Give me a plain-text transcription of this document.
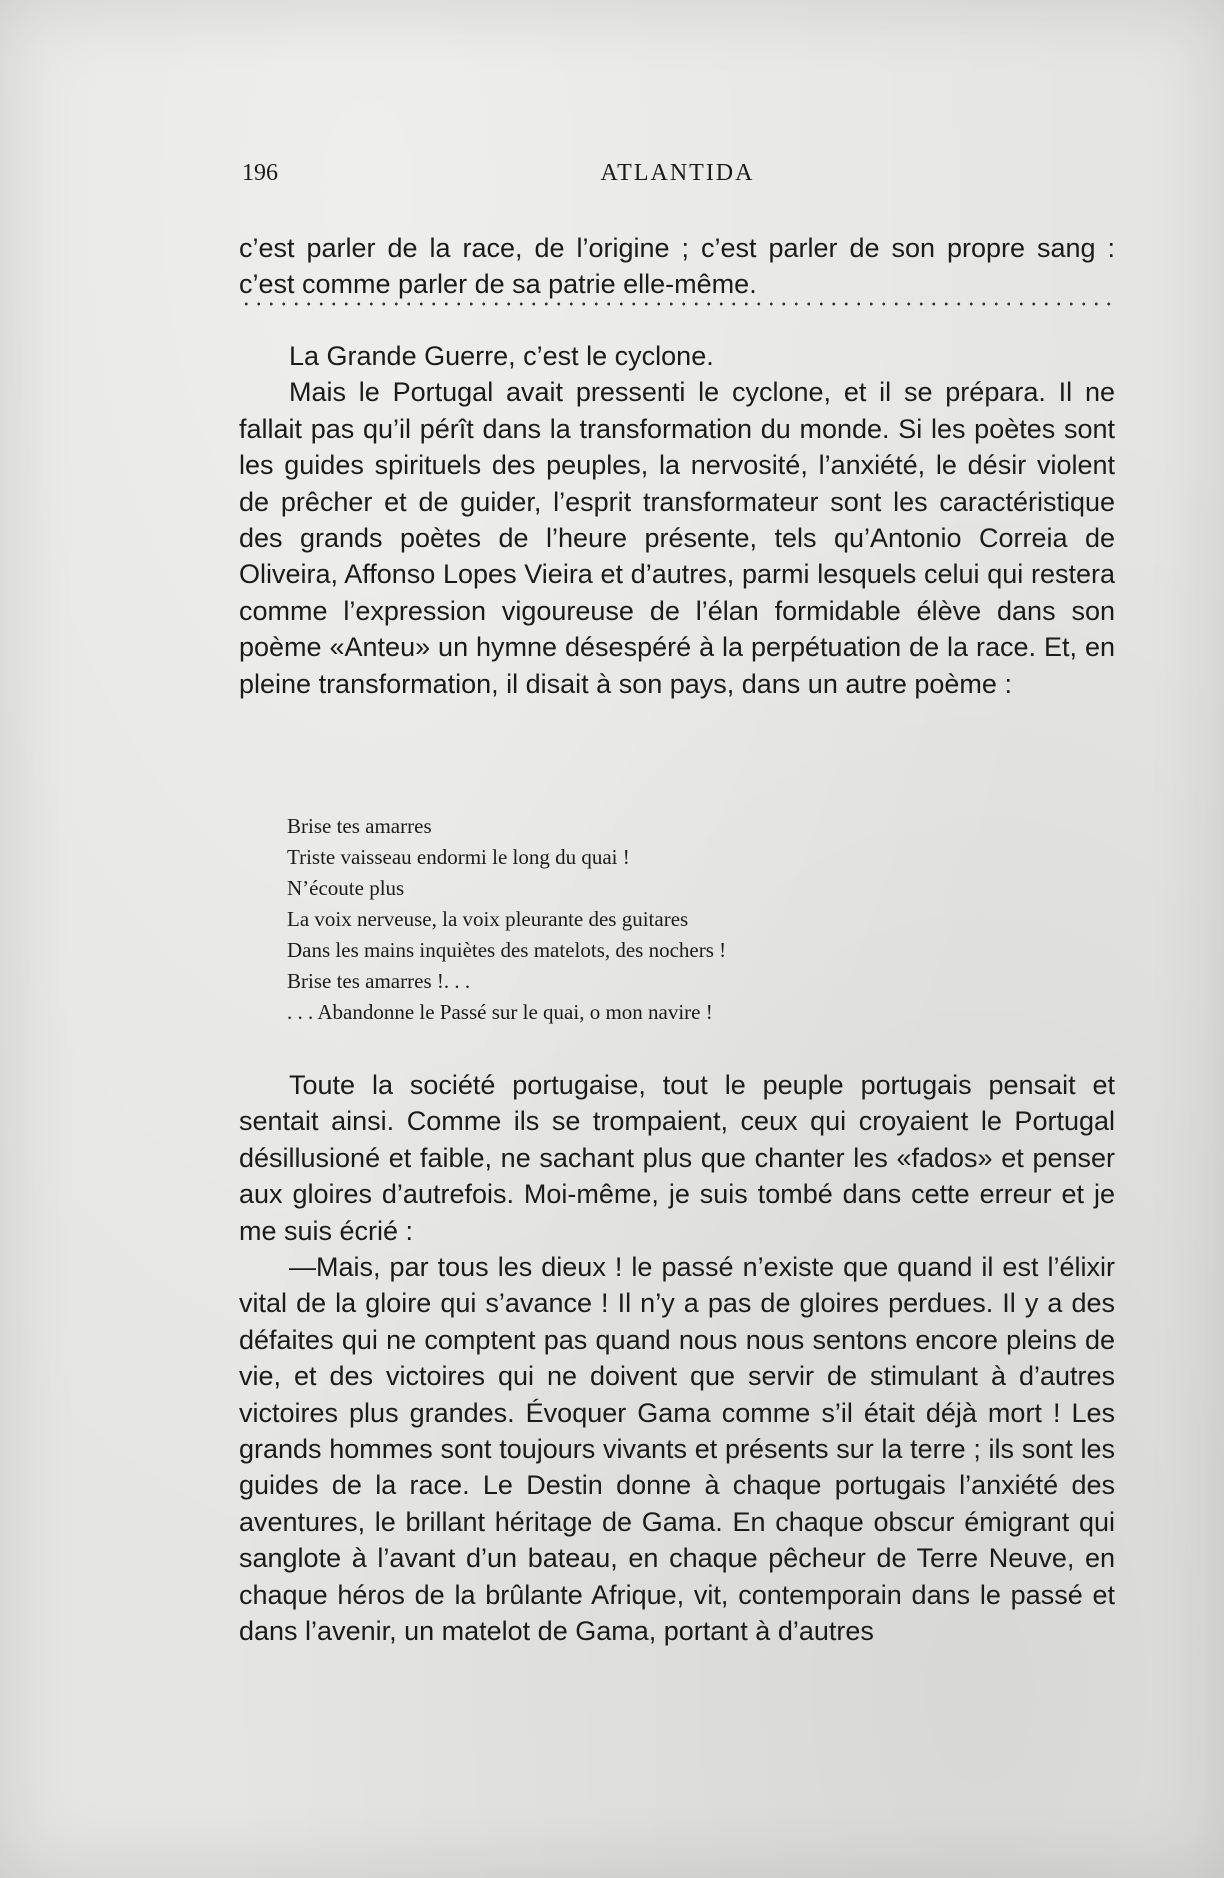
196	ATLANTIDA

c’est parler de la race, de l’origine ; c’est parler de son propre sang : c’est comme parler de sa patrie elle-même.

La Grande Guerre, c’est le cyclone.

Mais le Portugal avait pressenti le cyclone, et il se prépara. Il ne fallait pas qu’il pérît dans la transformation du monde. Si les poètes sont les guides spirituels des peuples, la nervosité, l’anxiété, le désir violent de prêcher et de guider, l’esprit transformateur sont les caractéristique des grands poètes de l’heure présente, tels qu’Antonio Correia de Oliveira, Affonso Lopes Vieira et d’autres, parmi lesquels celui qui restera comme l’expression vigoureuse de l’élan formidable élève dans son poème «Anteu» un hymne désespéré à la perpétuation de la race. Et, en pleine transformation, il disait à son pays, dans un autre poème :

Brise tes amarres
Triste vaisseau endormi le long du quai !
N’écoute plus
La voix nerveuse, la voix pleurante des guitares
Dans les mains inquiètes des matelots, des nochers !
Brise tes amarres !. . .
. . . Abandonne le Passé sur le quai, o mon navire !

Toute la société portugaise, tout le peuple portugais pensait et sentait ainsi. Comme ils se trompaient, ceux qui croyaient le Portugal désillusioné et faible, ne sachant plus que chanter les «fados» et penser aux gloires d’autrefois. Moi-même, je suis tombé dans cette erreur et je me suis écrié :

—Mais, par tous les dieux ! le passé n’existe que quand il est l’élixir vital de la gloire qui s’avance ! Il n’y a pas de gloires perdues. Il y a des défaites qui ne comptent pas quand nous nous sentons encore pleins de vie, et des victoires qui ne doivent que servir de stimulant à d’autres victoires plus grandes. Évoquer Gama comme s’il était déjà mort ! Les grands hommes sont toujours vivants et présents sur la terre ; ils sont les guides de la race. Le Destin donne à chaque portugais l’anxiété des aventures, le brillant héritage de Gama. En chaque obscur émigrant qui sanglote à l’avant d’un bateau, en chaque pêcheur de Terre Neuve, en chaque héros de la brûlante Afrique, vit, contemporain dans le passé et dans l’avenir, un matelot de Gama, portant à d’autres
